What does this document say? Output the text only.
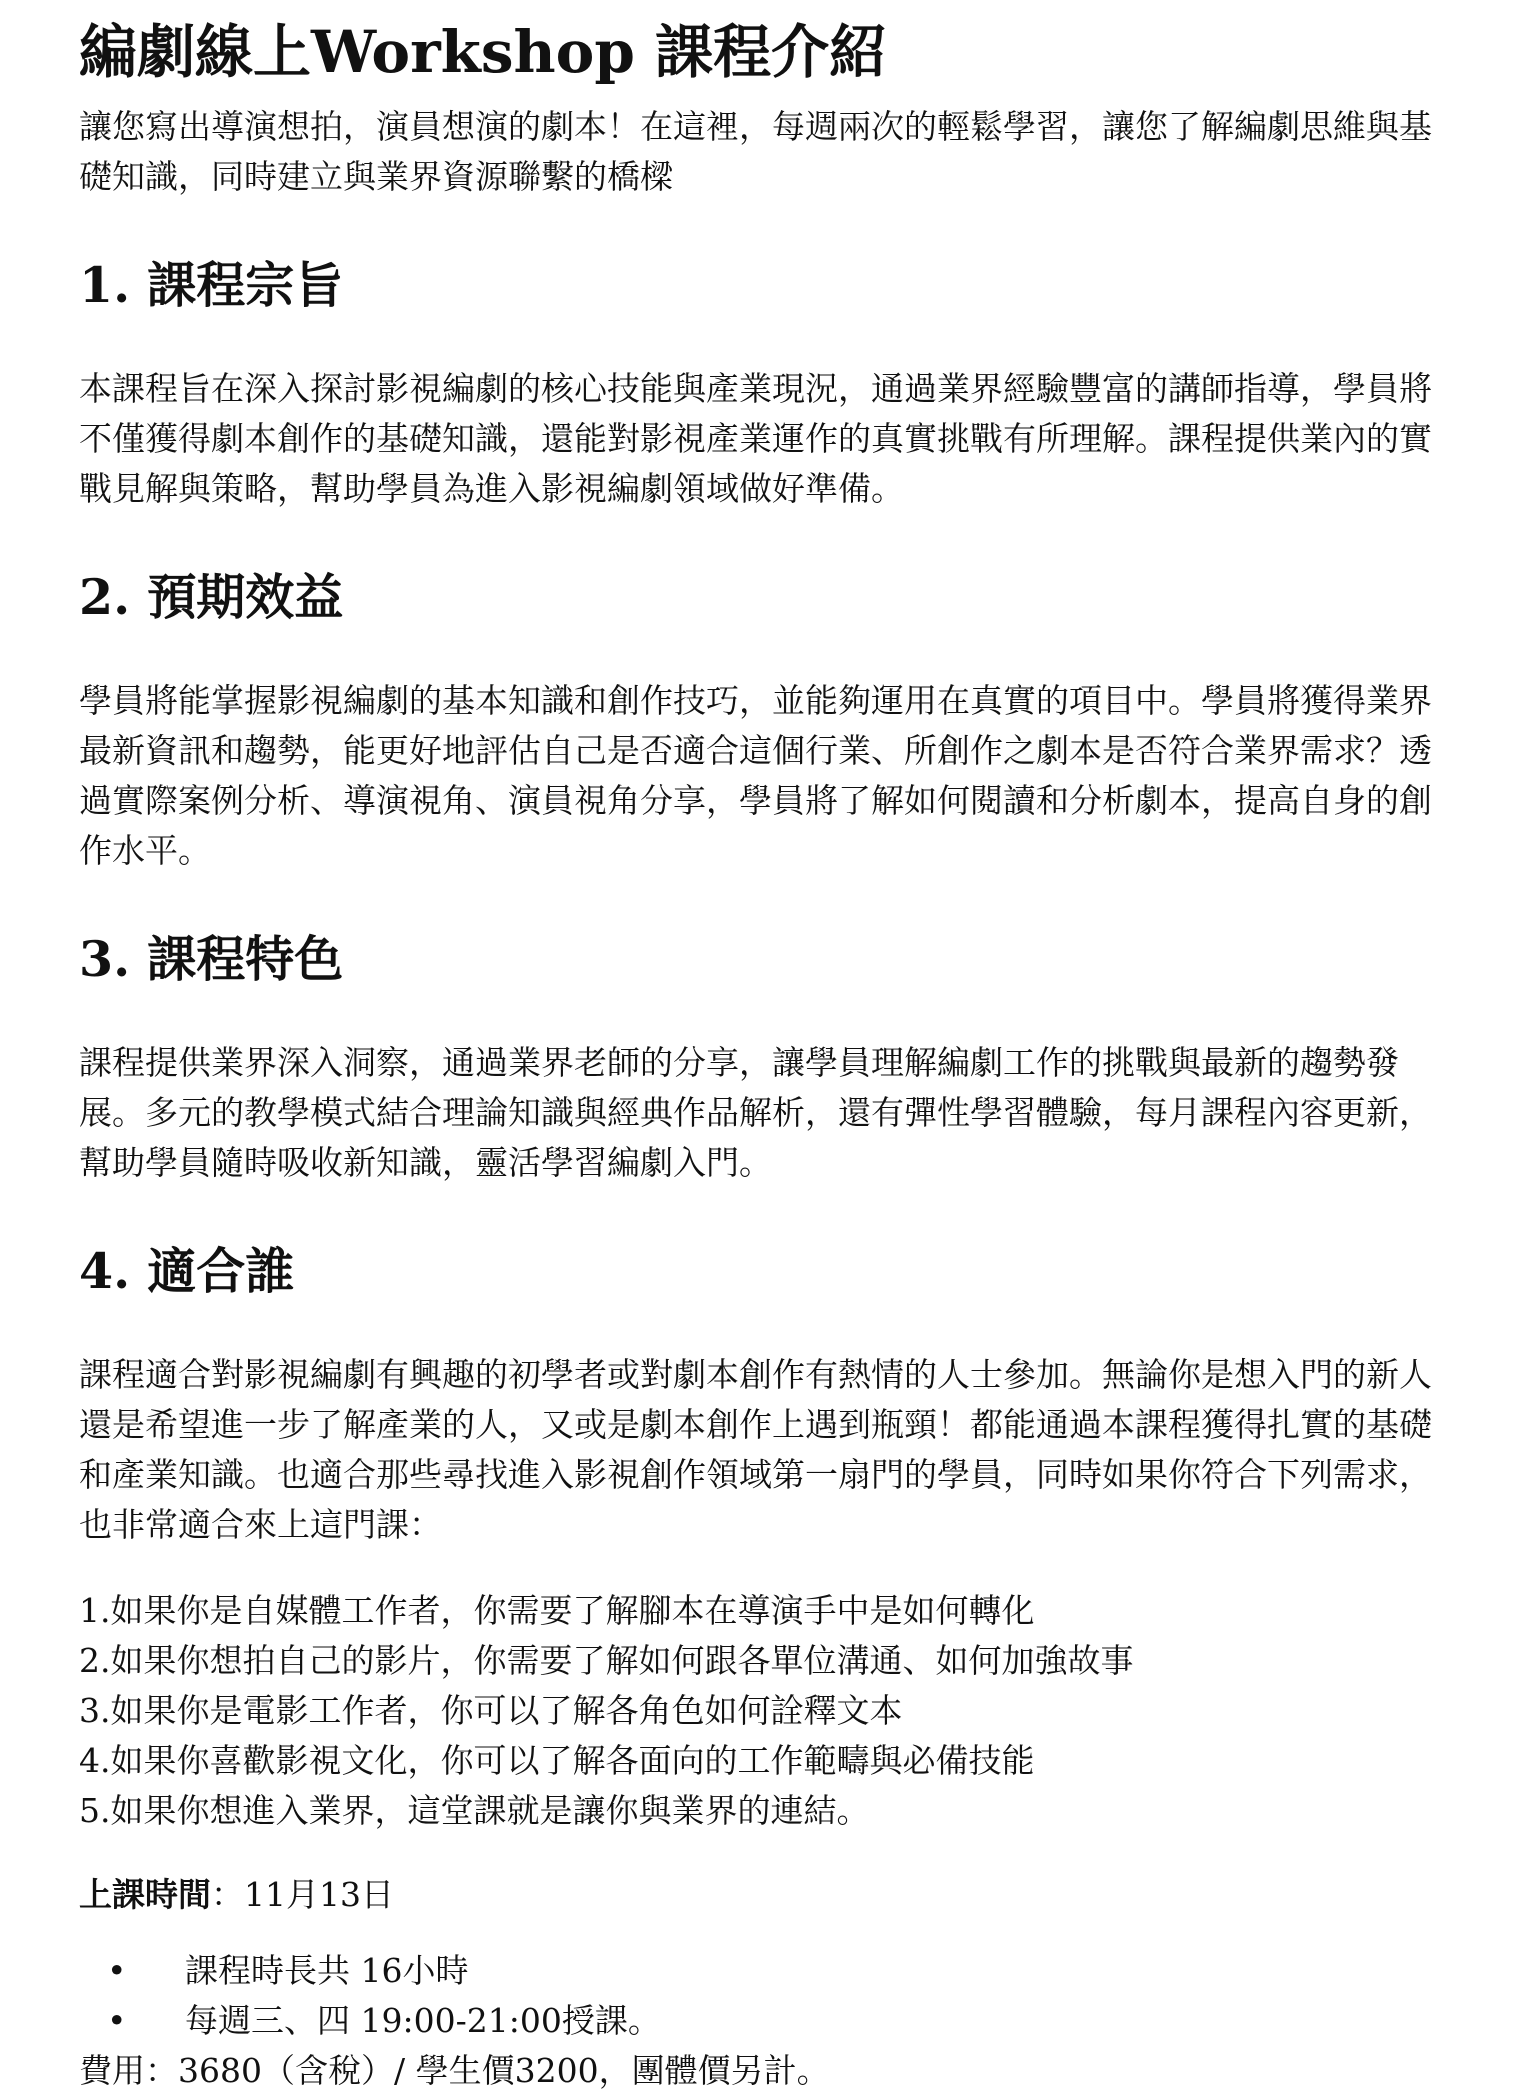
編劇線上Workshop 課程介紹

讓您寫出導演想拍，演員想演的劇本！在這裡，每週兩次的輕鬆學習，讓您了解編劇思維與基礎知識，同時建立與業界資源聯繫的橋樑

1. 課程宗旨

本課程旨在深入探討影視編劇的核心技能與產業現況，通過業界經驗豐富的講師指導，學員將不僅獲得劇本創作的基礎知識，還能對影視產業運作的真實挑戰有所理解。課程提供業內的實戰見解與策略，幫助學員為進入影視編劇領域做好準備。

2. 預期效益

學員將能掌握影視編劇的基本知識和創作技巧，並能夠運用在真實的項目中。學員將獲得業界最新資訊和趨勢，能更好地評估自己是否適合這個行業、所創作之劇本是否符合業界需求？透過實際案例分析、導演視角、演員視角分享，學員將了解如何閱讀和分析劇本，提高自身的創作水平。

3. 課程特色

課程提供業界深入洞察，通過業界老師的分享，讓學員理解編劇工作的挑戰與最新的趨勢發展。多元的教學模式結合理論知識與經典作品解析，還有彈性學習體驗，每月課程內容更新，幫助學員隨時吸收新知識，靈活學習編劇入門。

4. 適合誰

課程適合對影視編劇有興趣的初學者或對劇本創作有熱情的人士參加。無論你是想入門的新人還是希望進一步了解產業的人，又或是劇本創作上遇到瓶頸！都能通過本課程獲得扎實的基礎和產業知識。也適合那些尋找進入影視創作領域第一扇門的學員，同時如果你符合下列需求，也非常適合來上這門課：

1.如果你是自媒體工作者，你需要了解腳本在導演手中是如何轉化
2.如果你想拍自己的影片，你需要了解如何跟各單位溝通、如何加強故事
3.如果你是電影工作者，你可以了解各角色如何詮釋文本
4.如果你喜歡影視文化，你可以了解各面向的工作範疇與必備技能
5.如果你想進入業界，這堂課就是讓你與業界的連結。

上課時間：11月13日

• 課程時長共 16小時
• 每週三、四 19:00-21:00授課。

費用：3680（含稅）/ 學生價3200，團體價另計。
